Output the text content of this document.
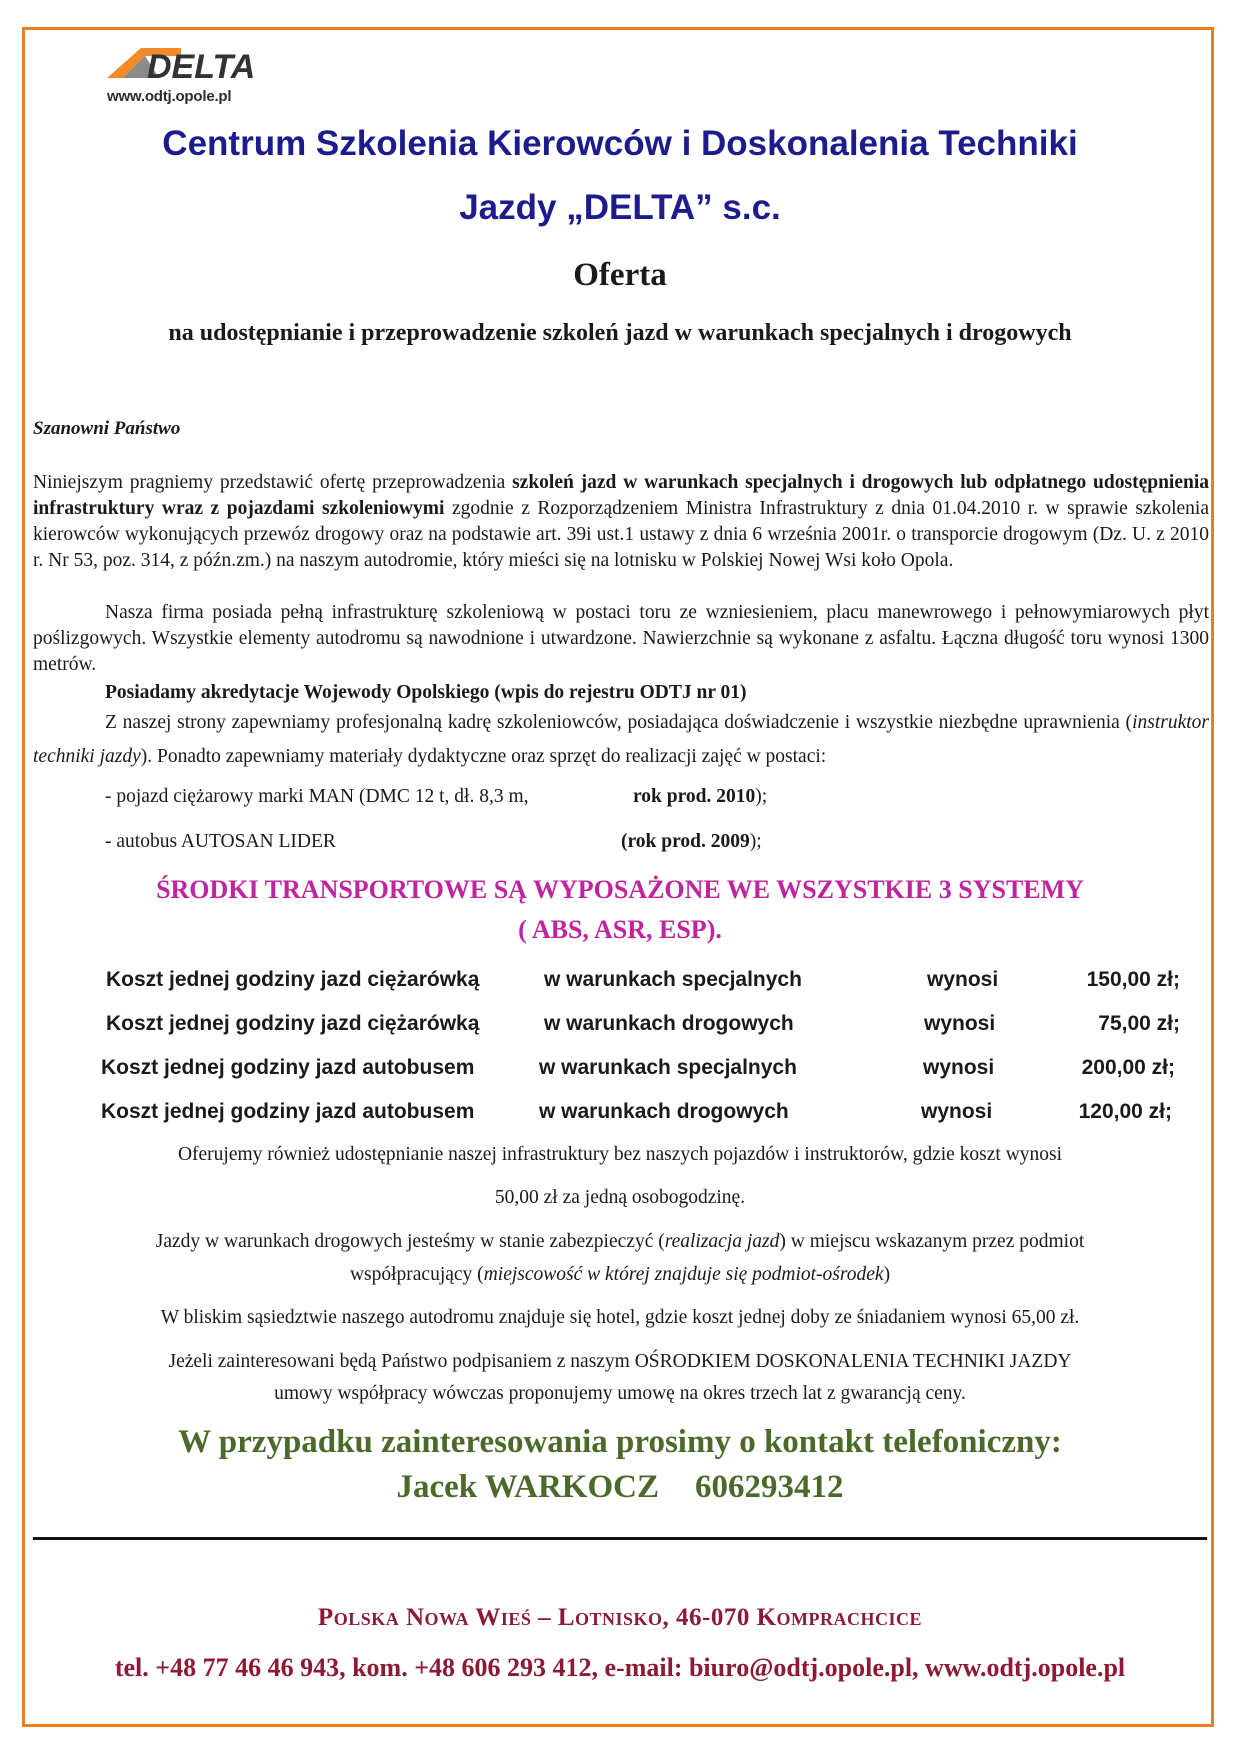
DELTA
www.odtj.opole.pl
Centrum Szkolenia Kierowców i Doskonalenia Techniki
Jazdy „DELTA” s.c.
Oferta
na udostępnianie i przeprowadzenie szkoleń jazd w warunkach specjalnych i drogowych
Szanowni Państwo
Niniejszym pragniemy przedstawić ofertę przeprowadzenia szkoleń jazd w warunkach specjalnych i drogowych lub odpłatnego udostępnienia infrastruktury wraz z pojazdami szkoleniowymi zgodnie z Rozporządzeniem Ministra Infrastruktury z dnia 01.04.2010 r. w sprawie szkolenia kierowców wykonujących przewóz drogowy oraz na podstawie art. 39i ust.1 ustawy z dnia 6 września 2001r. o transporcie drogowym (Dz. U. z 2010 r. Nr 53, poz. 314, z późn.zm.) na naszym autodromie, który mieści się na lotnisku w Polskiej Nowej Wsi koło Opola.
Nasza firma posiada pełną infrastrukturę szkoleniową w postaci toru ze wzniesieniem, placu manewrowego i pełnowymiarowych płyt poślizgowych. Wszystkie elementy autodromu są nawodnione i utwardzone. Nawierzchnie są wykonane z asfaltu. Łączna długość toru wynosi 1300 metrów.
Posiadamy akredytacje Wojewody Opolskiego (wpis do rejestru ODTJ nr 01)
Z naszej strony zapewniamy profesjonalną kadrę szkoleniowców, posiadająca doświadczenie i wszystkie niezbędne uprawnienia (instruktor techniki jazdy). Ponadto zapewniamy materiały dydaktyczne oraz sprzęt do realizacji zajęć w postaci:
- pojazd ciężarowy marki MAN (DMC 12 t, dł. 8,3 m,	rok prod. 2010);
- autobus AUTOSAN LIDER	(rok prod. 2009);
ŚRODKI TRANSPORTOWE SĄ WYPOSAŻONE WE WSZYSTKIE 3 SYSTEMY
( ABS, ASR, ESP).
Koszt jednej godziny jazd ciężarówką	w warunkach specjalnych	wynosi	150,00 zł;
Koszt jednej godziny jazd ciężarówką	w warunkach drogowych	wynosi	75,00 zł;
Koszt jednej godziny jazd autobusem	w warunkach specjalnych	wynosi	200,00 zł;
Koszt jednej godziny jazd autobusem	w warunkach drogowych	wynosi	120,00 zł;
Oferujemy również udostępnianie naszej infrastruktury bez naszych pojazdów i instruktorów, gdzie koszt wynosi
50,00 zł za jedną osobogodzinę.
Jazdy w warunkach drogowych jesteśmy w stanie zabezpieczyć (realizacja jazd) w miejscu wskazanym przez podmiot
współpracujący (miejscowość w której znajduje się podmiot-ośrodek)
W bliskim sąsiedztwie naszego autodromu znajduje się hotel, gdzie koszt jednej doby ze śniadaniem wynosi 65,00 zł.
Jeżeli zainteresowani będą Państwo podpisaniem z naszym OŚRODKIEM DOSKONALENIA TECHNIKI JAZDY
umowy współpracy wówczas proponujemy umowę na okres trzech lat z gwarancją ceny.
W przypadku zainteresowania prosimy o kontakt telefoniczny:
Jacek WARKOCZ 606293412
Polska Nowa Wieś – Lotnisko, 46-070 Komprachcice
tel. +48 77 46 46 943, kom. +48 606 293 412, e-mail: biuro@odtj.opole.pl, www.odtj.opole.pl
